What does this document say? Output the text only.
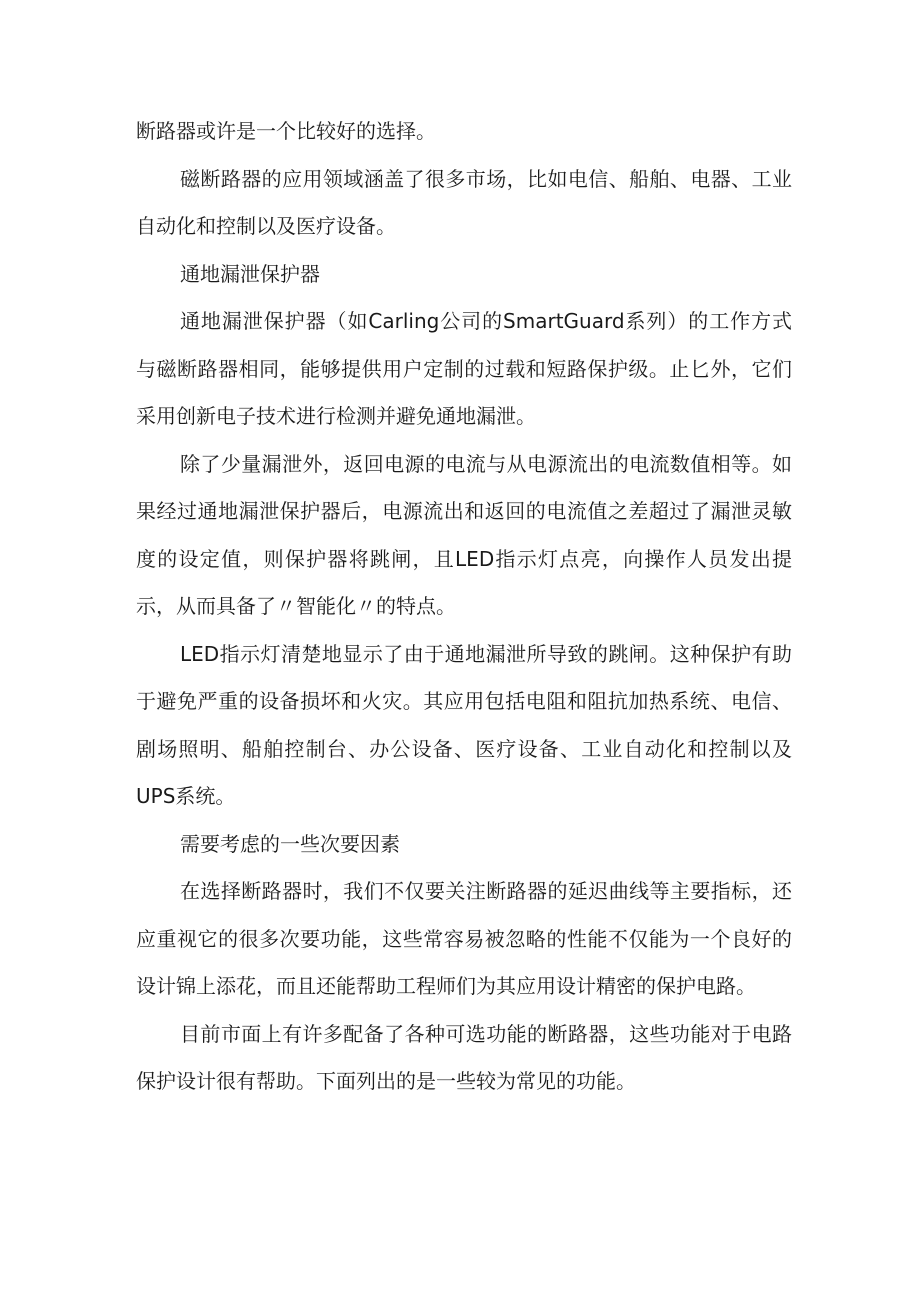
断路器或许是一个比较好的选择。

磁断路器的应用领域涵盖了很多市场，比如电信、船舶、电器、工业自动化和控制以及医疗设备。

通地漏泄保护器

通地漏泄保护器（如Carling公司的SmartGuard系列）的工作方式与磁断路器相同，能够提供用户定制的过载和短路保护级。止匕外，它们采用创新电子技术进行检测并避免通地漏泄。

除了少量漏泄外，返回电源的电流与从电源流出的电流数值相等。如果经过通地漏泄保护器后，电源流出和返回的电流值之差超过了漏泄灵敏度的设定值，则保护器将跳闸，且LED指示灯点亮，向操作人员发出提示，从而具备了〃智能化〃的特点。

LED指示灯清楚地显示了由于通地漏泄所导致的跳闸。这种保护有助于避免严重的设备损坏和火灾。其应用包括电阻和阻抗加热系统、电信、剧场照明、船舶控制台、办公设备、医疗设备、工业自动化和控制以及UPS系统。

需要考虑的一些次要因素

在选择断路器时，我们不仅要关注断路器的延迟曲线等主要指标，还应重视它的很多次要功能，这些常容易被忽略的性能不仅能为一个良好的设计锦上添花，而且还能帮助工程师们为其应用设计精密的保护电路。

目前市面上有许多配备了各种可选功能的断路器，这些功能对于电路保护设计很有帮助。下面列出的是一些较为常见的功能。
